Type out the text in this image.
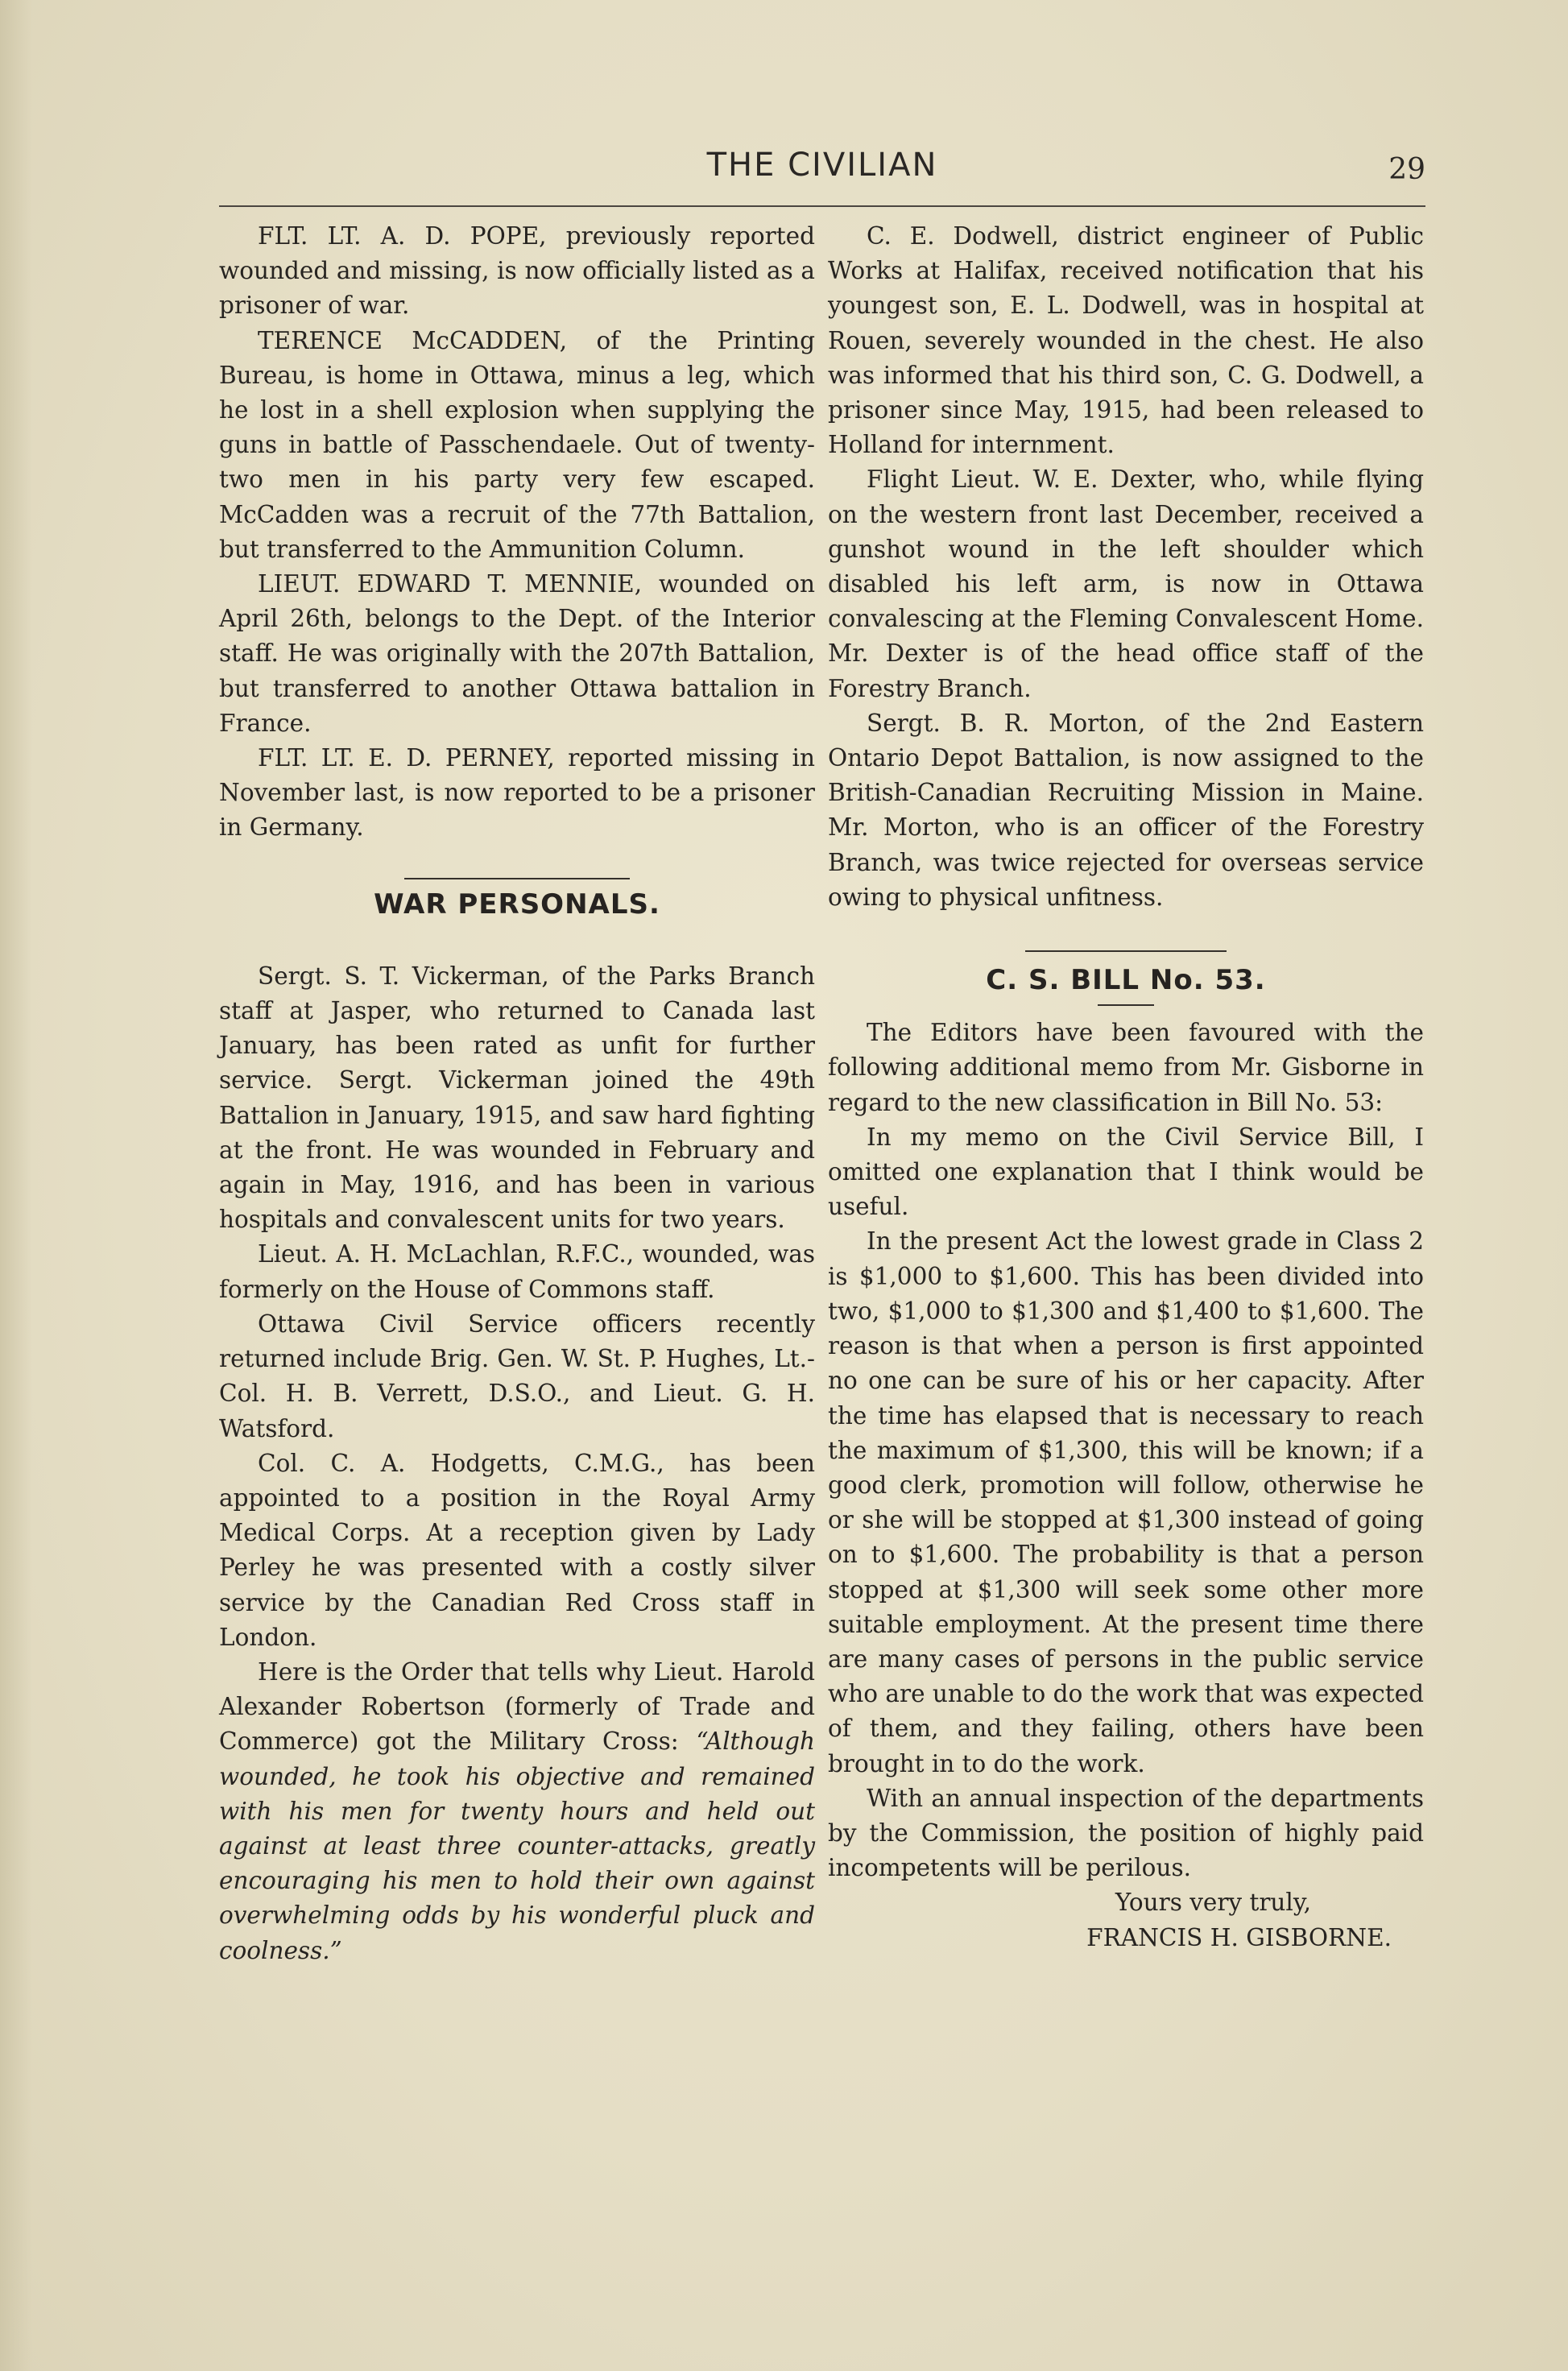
THE CIVILIAN	29

FLT. LT. A. D. POPE, previously reported wounded and missing, is now officially listed as a prisoner of war.

TERENCE McCADDEN, of the Printing Bureau, is home in Ottawa, minus a leg, which he lost in a shell explosion when supplying the guns in battle of Passchendaele. Out of twenty-two men in his party very few escaped. McCadden was a recruit of the 77th Battalion, but transferred to the Ammunition Column.

LIEUT. EDWARD T. MENNIE, wounded on April 26th, belongs to the Dept. of the Interior staff. He was originally with the 207th Battalion, but transferred to another Ottawa battalion in France.

FLT. LT. E. D. PERNEY, reported missing in November last, is now reported to be a prisoner in Germany.

WAR PERSONALS.

Sergt. S. T. Vickerman, of the Parks Branch staff at Jasper, who returned to Canada last January, has been rated as unfit for further service. Sergt. Vickerman joined the 49th Battalion in January, 1915, and saw hard fighting at the front. He was wounded in February and again in May, 1916, and has been in various hospitals and convalescent units for two years.

Lieut. A. H. McLachlan, R.F.C., wounded, was formerly on the House of Commons staff.

Ottawa Civil Service officers recently returned include Brig. Gen. W. St. P. Hughes, Lt.-Col. H. B. Verrett, D.S.O., and Lieut. G. H. Watsford.

Col. C. A. Hodgetts, C.M.G., has been appointed to a position in the Royal Army Medical Corps. At a reception given by Lady Perley he was presented with a costly silver service by the Canadian Red Cross staff in London.

Here is the Order that tells why Lieut. Harold Alexander Robertson (formerly of Trade and Commerce) got the Military Cross: “Although wounded, he took his objective and remained with his men for twenty hours and held out against at least three counter-attacks, greatly encouraging his men to hold their own against overwhelming odds by his wonderful pluck and coolness.”

C. E. Dodwell, district engineer of Public Works at Halifax, received notification that his youngest son, E. L. Dodwell, was in hospital at Rouen, severely wounded in the chest. He also was informed that his third son, C. G. Dodwell, a prisoner since May, 1915, had been released to Holland for internment.

Flight Lieut. W. E. Dexter, who, while flying on the western front last December, received a gunshot wound in the left shoulder which disabled his left arm, is now in Ottawa convalescing at the Fleming Convalescent Home. Mr. Dexter is of the head office staff of the Forestry Branch.

Sergt. B. R. Morton, of the 2nd Eastern Ontario Depot Battalion, is now assigned to the British-Canadian Recruiting Mission in Maine. Mr. Morton, who is an officer of the Forestry Branch, was twice rejected for overseas service owing to physical unfitness.

C. S. BILL No. 53.

The Editors have been favoured with the following additional memo from Mr. Gisborne in regard to the new classification in Bill No. 53:

In my memo on the Civil Service Bill, I omitted one explanation that I think would be useful.

In the present Act the lowest grade in Class 2 is $1,000 to $1,600. This has been divided into two, $1,000 to $1,300 and $1,400 to $1,600. The reason is that when a person is first appointed no one can be sure of his or her capacity. After the time has elapsed that is necessary to reach the maximum of $1,300, this will be known; if a good clerk, promotion will follow, otherwise he or she will be stopped at $1,300 instead of going on to $1,600. The probability is that a person stopped at $1,300 will seek some other more suitable employment. At the present time there are many cases of persons in the public service who are unable to do the work that was expected of them, and they failing, others have been brought in to do the work.

With an annual inspection of the departments by the Commission, the position of highly paid incompetents will be perilous.

Yours very truly,

FRANCIS H. GISBORNE.
